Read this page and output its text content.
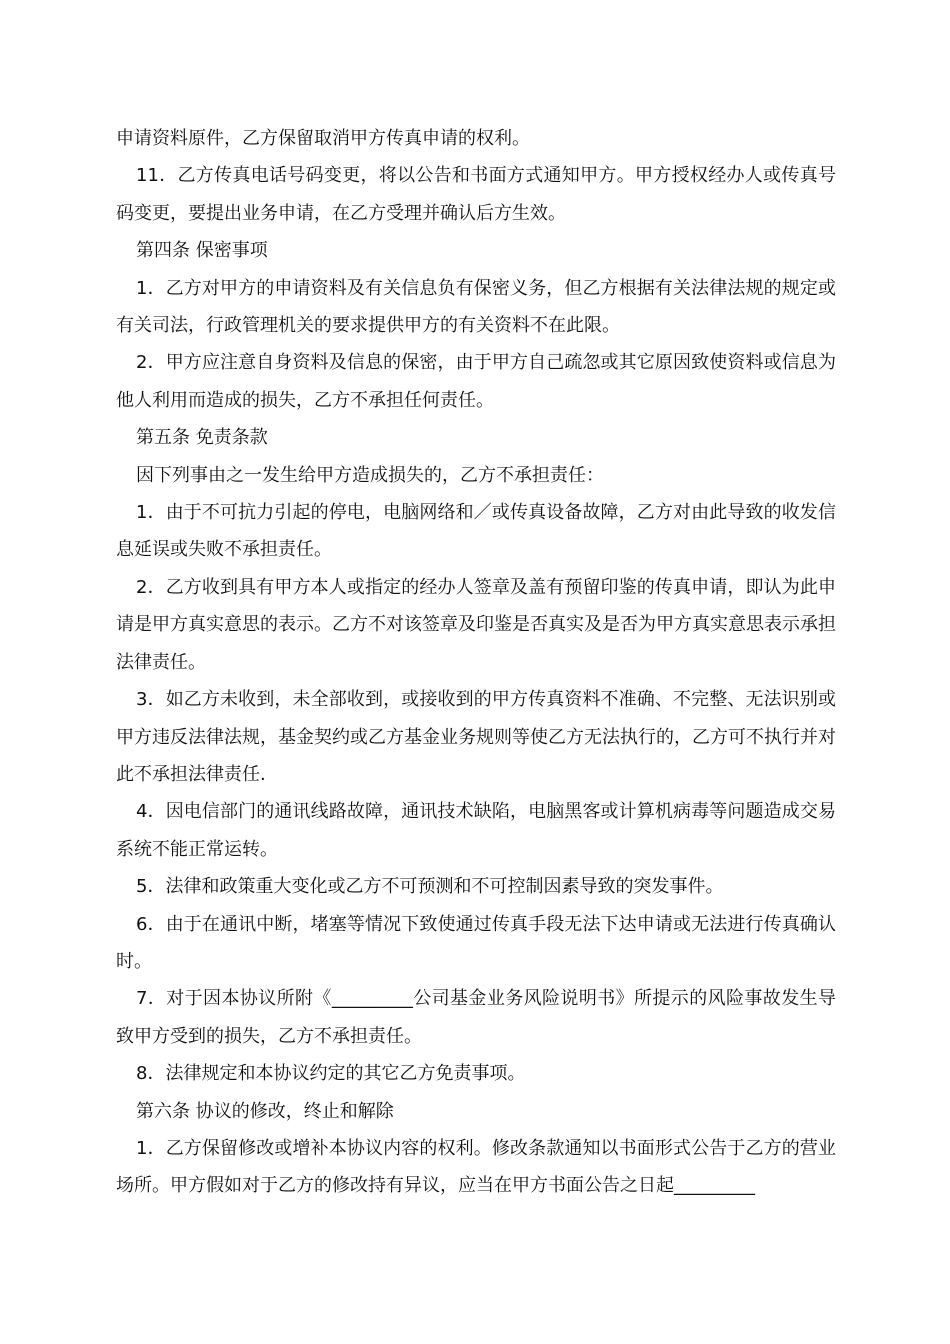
申请资料原件，乙方保留取消甲方传真申请的权利。

11．乙方传真电话号码变更，将以公告和书面方式通知甲方。甲方授权经办人或传真号码变更，要提出业务申请，在乙方受理并确认后方生效。

第四条 保密事项

1．乙方对甲方的申请资料及有关信息负有保密义务，但乙方根据有关法律法规的规定或有关司法，行政管理机关的要求提供甲方的有关资料不在此限。

2．甲方应注意自身资料及信息的保密，由于甲方自己疏忽或其它原因致使资料或信息为他人利用而造成的损失，乙方不承担任何责任。

第五条 免责条款

因下列事由之一发生给甲方造成损失的，乙方不承担责任：

1．由于不可抗力引起的停电，电脑网络和／或传真设备故障，乙方对由此导致的收发信息延误或失败不承担责任。

2．乙方收到具有甲方本人或指定的经办人签章及盖有预留印鉴的传真申请，即认为此申请是甲方真实意思的表示。乙方不对该签章及印鉴是否真实及是否为甲方真实意思表示承担法律责任。

3．如乙方未收到，未全部收到，或接收到的甲方传真资料不准确、不完整、无法识别或甲方违反法律法规，基金契约或乙方基金业务规则等使乙方无法执行的，乙方可不执行并对此不承担法律责任.

4．因电信部门的通讯线路故障，通讯技术缺陷，电脑黑客或计算机病毒等问题造成交易系统不能正常运转。

5．法律和政策重大变化或乙方不可预测和不可控制因素导致的突发事件。

6．由于在通讯中断，堵塞等情况下致使通过传真手段无法下达申请或无法进行传真确认时。

7．对于因本协议所附《_________公司基金业务风险说明书》所提示的风险事故发生导致甲方受到的损失，乙方不承担责任。

8．法律规定和本协议约定的其它乙方免责事项。

第六条 协议的修改，终止和解除

1．乙方保留修改或增补本协议内容的权利。修改条款通知以书面形式公告于乙方的营业场所。甲方假如对于乙方的修改持有异议，应当在甲方书面公告之日起_________
